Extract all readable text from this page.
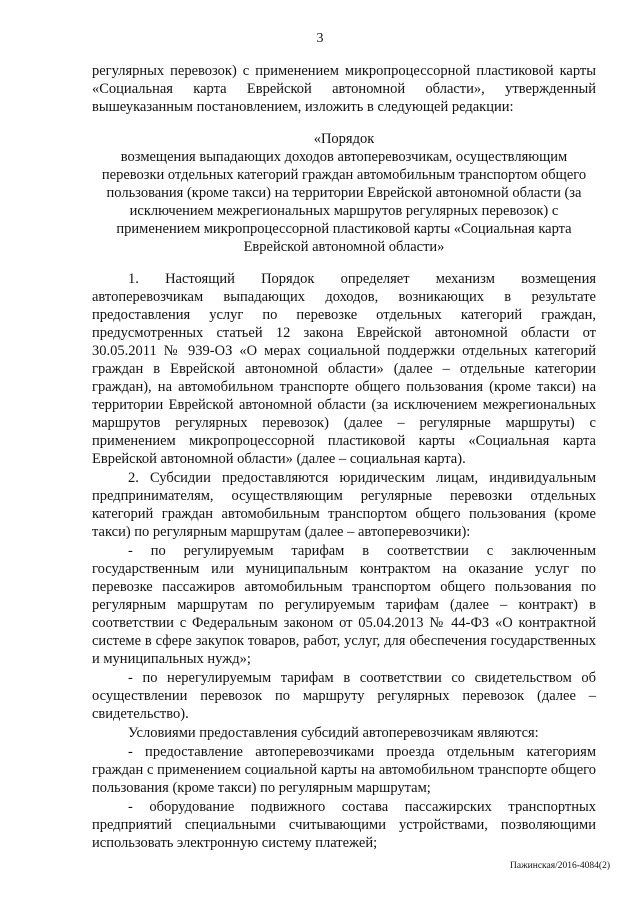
3

регулярных перевозок) с применением микропроцессорной пластиковой карты «Социальная карта Еврейской автономной области», утвержденный вышеуказанным постановлением, изложить в следующей редакции:

«Порядок

возмещения выпадающих доходов автоперевозчикам, осуществляющим перевозки отдельных категорий граждан автомобильным транспортом общего пользования (кроме такси) на территории Еврейской автономной области (за исключением межрегиональных маршрутов регулярных перевозок) с применением микропроцессорной пластиковой карты «Социальная карта Еврейской автономной области»

1. Настоящий Порядок определяет механизм возмещения автоперевозчикам выпадающих доходов, возникающих в результате предоставления услуг по перевозке отдельных категорий граждан, предусмотренных статьей 12 закона Еврейской автономной области от 30.05.2011 № 939-ОЗ «О мерах социальной поддержки отдельных категорий граждан в Еврейской автономной области» (далее – отдельные категории граждан), на автомобильном транспорте общего пользования (кроме такси) на территории Еврейской автономной области (за исключением межрегиональных маршрутов регулярных перевозок) (далее – регулярные маршруты) с применением микропроцессорной пластиковой карты «Социальная карта Еврейской автономной области» (далее – социальная карта).

2. Субсидии предоставляются юридическим лицам, индивидуальным предпринимателям, осуществляющим регулярные перевозки отдельных категорий граждан автомобильным транспортом общего пользования (кроме такси) по регулярным маршрутам (далее – автоперевозчики):

- по регулируемым тарифам в соответствии с заключенным государственным или муниципальным контрактом на оказание услуг по перевозке пассажиров автомобильным транспортом общего пользования по регулярным маршрутам по регулируемым тарифам (далее – контракт) в соответствии с Федеральным законом от 05.04.2013 № 44-ФЗ «О контрактной системе в сфере закупок товаров, работ, услуг, для обеспечения государственных и муниципальных нужд»;

- по нерегулируемым тарифам в соответствии со свидетельством об осуществлении перевозок по маршруту регулярных перевозок (далее – свидетельство).

Условиями предоставления субсидий автоперевозчикам являются:

- предоставление автоперевозчиками проезда отдельным категориям граждан с применением социальной карты на автомобильном транспорте общего пользования (кроме такси) по регулярным маршрутам;

- оборудование подвижного состава пассажирских транспортных предприятий специальными считывающими устройствами, позволяющими использовать электронную систему платежей;

Пажинская/2016-4084(2)
